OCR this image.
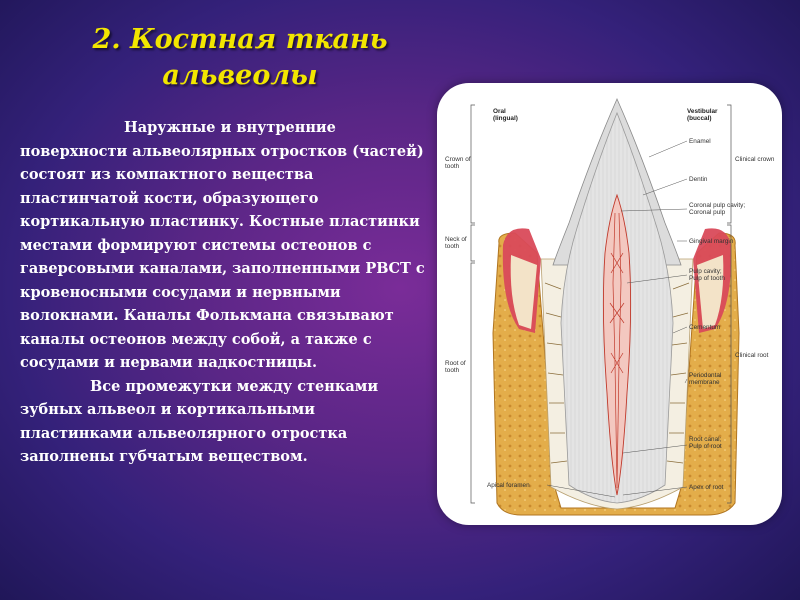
2. Костная ткань
альвеолы

Наружные и внутренние поверхности альвеолярных отростков (частей) состоят из компактного вещества пластинчатой кости, образующего кортикальную пластинку. Костные пластинки местами формируют системы остеонов с гаверсовыми каналами, заполненными РВСТ с кровеносными сосудами и нервными волокнами. Каналы Фолькмана связывают каналы остеонов между собой, а также с сосудами и нервами надкостницы.

Все промежутки между стенками зубных альвеол и кортикальными пластинками альвеолярного отростка заполнены губчатым веществом.

Oral (lingual)
Vestibular (buccal)
Crown of tooth
Neck of tooth
Root of tooth
Clinical crown
Clinical root
Enamel
Dentin
Coronal pulp cavity; Coronal pulp
Gingival margin
Pulp cavity; Pulp of tooth
Cementum
Periodontal membrane
Root canal; Pulp of root
Apex of root
Apical foramen
